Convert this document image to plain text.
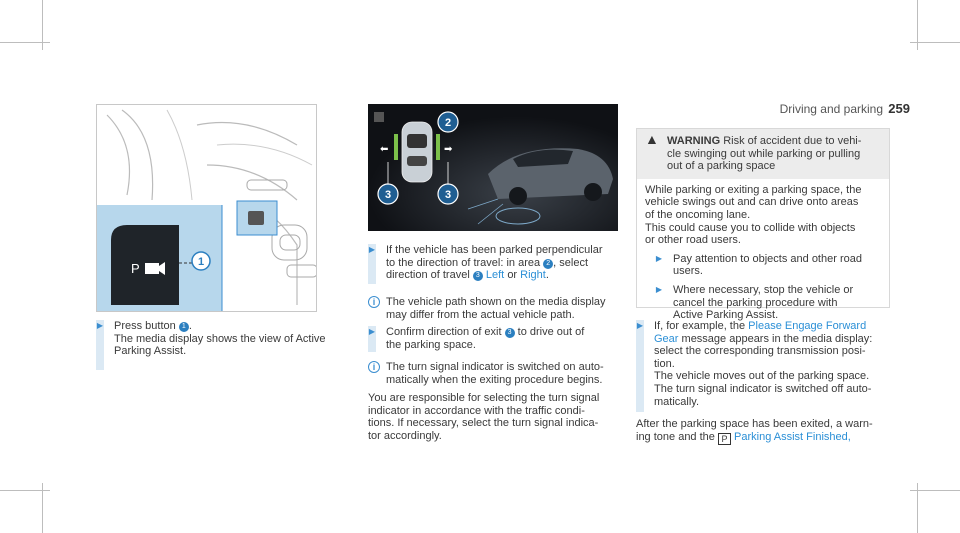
Driving and parking 259
P	1
⬅	➡
2
3	3
▶ Press button 1 .
The media display shows the view of Active
Parking Assist.
▶ If the vehicle has been parked perpendicular
to the direction of travel: in area 2 , select
direction of travel 3 Left or Right.
i The vehicle path shown on the media display
may differ from the actual vehicle path.
▶ Confirm direction of exit 3 to drive out of
the parking space.
i The turn signal indicator is switched on auto-
matically when the exiting procedure begins.
You are responsible for selecting the turn signal
indicator in accordance with the traffic condi-
tions. If necessary, select the turn signal indica-
tor accordingly.
▲ WARNING Risk of accident due to vehi-
cle swinging out while parking or pulling
out of a parking space
While parking or exiting a parking space, the
vehicle swings out and can drive onto areas
of the oncoming lane.
This could cause you to collide with objects
or other road users.
▶ Pay attention to objects and other road
users.
▶ Where necessary, stop the vehicle or
cancel the parking procedure with
Active Parking Assist.
▶ If, for example, the Please Engage Forward
Gear message appears in the media display:
select the corresponding transmission posi-
tion.
The vehicle moves out of the parking space.
The turn signal indicator is switched off auto-
matically.
After the parking space has been exited, a warn-
ing tone and the P Parking Assist Finished,
